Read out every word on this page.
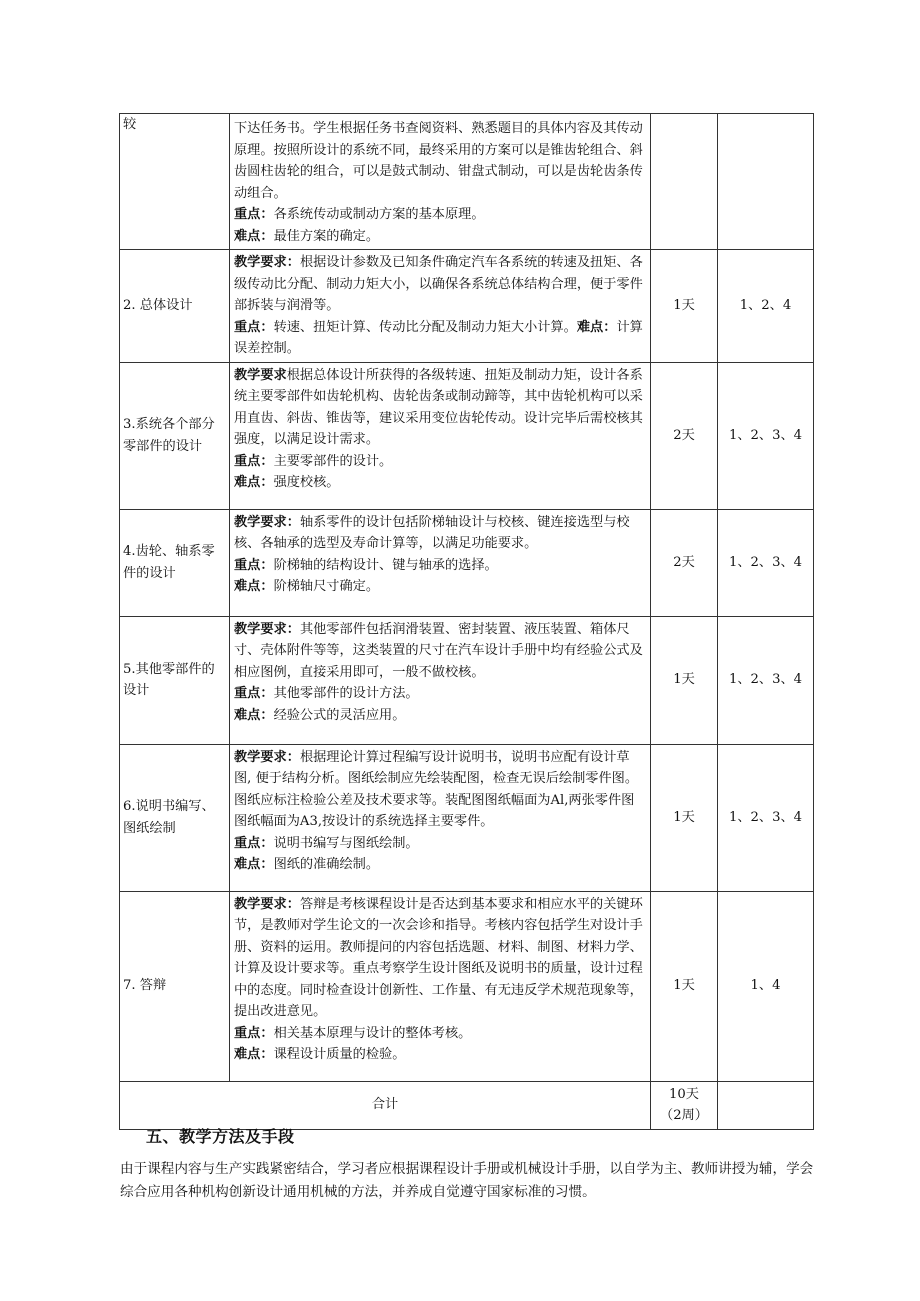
较	下达任务书。学生根据任务书查阅资料、熟悉题目的具体内容及其传动原理。按照所设计的系统不同，最终采用的方案可以是锥齿轮组合、斜齿圆柱齿轮的组合，可以是鼓式制动、钳盘式制动，可以是齿轮齿条传动组合。
重点：各系统传动或制动方案的基本原理。
难点：最佳方案的确定。		
2. 总体设计	教学要求：根据设计参数及已知条件确定汽车各系统的转速及扭矩、各级传动比分配、制动力矩大小，以确保各系统总体结构合理，便于零件部拆装与润滑等。
重点：转速、扭矩计算、传动比分配及制动力矩大小计算。难点：计算误差控制。	1天	1、2、4
3.系统各个部分零部件的设计	教学要求根据总体设计所获得的各级转速、扭矩及制动力矩，设计各系统主要零部件如齿轮机构、齿轮齿条或制动蹄等，其中齿轮机构可以采用直齿、斜齿、锥齿等，建议采用变位齿轮传动。设计完毕后需校核其强度，以满足设计需求。
重点：主要零部件的设计。
难点：强度校核。	2天	1、2、3、4
4.齿轮、轴系零件的设计	教学要求：轴系零件的设计包括阶梯轴设计与校核、键连接选型与校核、各轴承的选型及寿命计算等，以满足功能要求。
重点：阶梯轴的结构设计、键与轴承的选择。
难点：阶梯轴尺寸确定。	2天	1、2、3、4
5.其他零部件的设计	教学要求：其他零部件包括润滑装置、密封装置、液压装置、箱体尺寸、壳体附件等等，这类装置的尺寸在汽车设计手册中均有经验公式及相应图例，直接采用即可，一般不做校核。
重点：其他零部件的设计方法。
难点：经验公式的灵活应用。	1天	1、2、3、4
6.说明书编写、图纸绘制	教学要求：根据理论计算过程编写设计说明书，说明书应配有设计草图, 便于结构分析。图纸绘制应先绘装配图，检查无误后绘制零件图。图纸应标注检验公差及技术要求等。装配图图纸幅面为Al,两张零件图图纸幅面为A3,按设计的系统选择主要零件。
重点：说明书编写与图纸绘制。
难点：图纸的准确绘制。	1天	1、2、3、4
7. 答辩	教学要求：答辩是考核课程设计是否达到基本要求和相应水平的关键环节，是教师对学生论文的一次会诊和指导。考核内容包括学生对设计手册、资料的运用。教师提问的内容包括选题、材料、制图、材料力学、计算及设计要求等。重点考察学生设计图纸及说明书的质量，设计过程中的态度。同时检查设计创新性、工作量、有无违反学术规范现象等，提出改进意见。
重点：相关基本原理与设计的整体考核。
难点：课程设计质量的检验。	1天	1、4
合计		10天
（2周）	
五、教学方法及手段

由于课程内容与生产实践紧密结合，学习者应根据课程设计手册或机械设计手册，以自学为主、教师讲授为辅，学会综合应用各种机构创新设计通用机械的方法，并养成自觉遵守国家标准的习惯。
